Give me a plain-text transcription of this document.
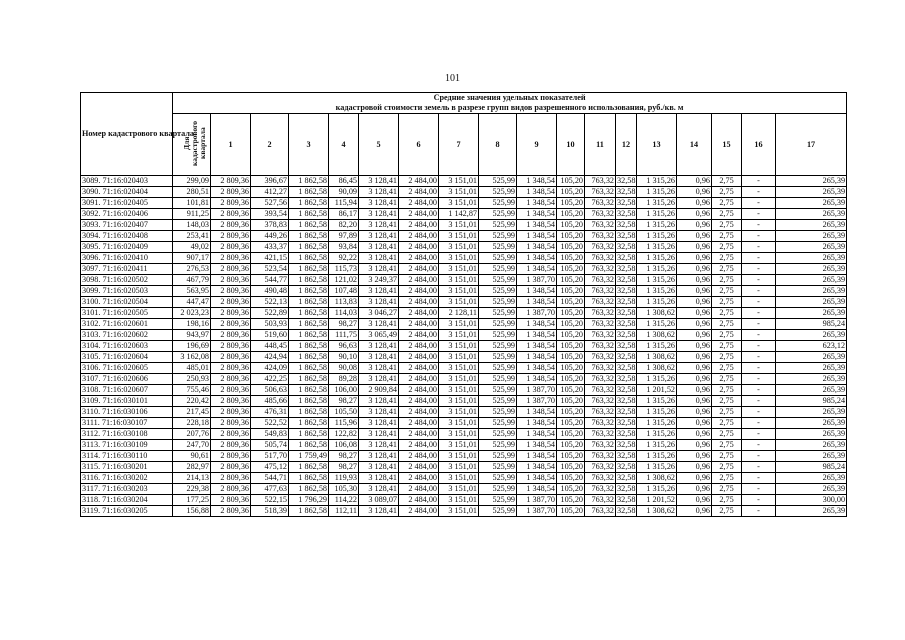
101
Номер кадастрового квартала	Средние значения удельных показателей
кадастровой стоимости земель в разрезе групп видов разрешенного использования, руб./кв. м																	

	Для кадастрового квартала	1	2	3	4	5	6	7	8	9	10	11	12	13	14	15	16	17
3089. 71:16:020403	299,09	2 809,36	396,67	1 862,58	86,45	3 128,41	2 484,00	3 151,01	525,99	1 348,54	105,20	763,32	32,58	1 315,26	0,96	2,75	-	265,39
3090. 71:16:020404	280,51	2 809,36	412,27	1 862,58	90,09	3 128,41	2 484,00	3 151,01	525,99	1 348,54	105,20	763,32	32,58	1 315,26	0,96	2,75	-	265,39
3091. 71:16:020405	101,81	2 809,36	527,56	1 862,58	115,94	3 128,41	2 484,00	3 151,01	525,99	1 348,54	105,20	763,32	32,58	1 315,26	0,96	2,75	-	265,39
3092. 71:16:020406	911,25	2 809,36	393,54	1 862,58	86,17	3 128,41	2 484,00	1 142,87	525,99	1 348,54	105,20	763,32	32,58	1 315,26	0,96	2,75	-	265,39
3093. 71:16:020407	148,03	2 809,36	378,83	1 862,58	82,20	3 128,41	2 484,00	3 151,01	525,99	1 348,54	105,20	763,32	32,58	1 315,26	0,96	2,75	-	265,39
3094. 71:16:020408	253,41	2 809,36	449,26	1 862,58	97,89	3 128,41	2 484,00	3 151,01	525,99	1 348,54	105,20	763,32	32,58	1 315,26	0,96	2,75	-	265,39
3095. 71:16:020409	49,02	2 809,36	433,37	1 862,58	93,84	3 128,41	2 484,00	3 151,01	525,99	1 348,54	105,20	763,32	32,58	1 315,26	0,96	2,75	-	265,39
3096. 71:16:020410	907,17	2 809,36	421,15	1 862,58	92,22	3 128,41	2 484,00	3 151,01	525,99	1 348,54	105,20	763,32	32,58	1 315,26	0,96	2,75	-	265,39
3097. 71:16:020411	276,53	2 809,36	523,54	1 862,58	115,73	3 128,41	2 484,00	3 151,01	525,99	1 348,54	105,20	763,32	32,58	1 315,26	0,96	2,75	-	265,39
3098. 71:16:020502	467,79	2 809,36	544,77	1 862,58	121,02	3 249,37	2 484,00	3 151,01	525,99	1 387,70	105,20	763,32	32,58	1 315,26	0,96	2,75	-	265,39
3099. 71:16:020503	563,95	2 809,36	490,48	1 862,58	107,48	3 128,41	2 484,00	3 151,01	525,99	1 348,54	105,20	763,32	32,58	1 315,26	0,96	2,75	-	265,39
3100. 71:16:020504	447,47	2 809,36	522,13	1 862,58	113,83	3 128,41	2 484,00	3 151,01	525,99	1 348,54	105,20	763,32	32,58	1 315,26	0,96	2,75	-	265,39
3101. 71:16:020505	2 023,23	2 809,36	522,89	1 862,58	114,03	3 046,27	2 484,00	2 128,11	525,99	1 387,70	105,20	763,32	32,58	1 308,62	0,96	2,75	-	265,39
3102. 71:16:020601	198,16	2 809,36	503,93	1 862,58	98,27	3 128,41	2 484,00	3 151,01	525,99	1 348,54	105,20	763,32	32,58	1 315,26	0,96	2,75	-	985,24
3103. 71:16:020602	943,97	2 809,36	519,60	1 862,58	111,75	3 065,49	2 484,00	3 151,01	525,99	1 348,54	105,20	763,32	32,58	1 308,62	0,96	2,75	-	265,39
3104. 71:16:020603	196,69	2 809,36	448,45	1 862,58	96,63	3 128,41	2 484,00	3 151,01	525,99	1 348,54	105,20	763,32	32,58	1 315,26	0,96	2,75	-	623,12
3105. 71:16:020604	3 162,08	2 809,36	424,94	1 862,58	90,10	3 128,41	2 484,00	3 151,01	525,99	1 348,54	105,20	763,32	32,58	1 308,62	0,96	2,75	-	265,39
3106. 71:16:020605	485,01	2 809,36	424,09	1 862,58	90,08	3 128,41	2 484,00	3 151,01	525,99	1 348,54	105,20	763,32	32,58	1 308,62	0,96	2,75	-	265,39
3107. 71:16:020606	250,93	2 809,36	422,25	1 862,58	89,28	3 128,41	2 484,00	3 151,01	525,99	1 348,54	105,20	763,32	32,58	1 315,26	0,96	2,75	-	265,39
3108. 71:16:020607	755,46	2 809,36	506,63	1 862,58	106,00	2 909,84	2 484,00	3 151,01	525,99	1 387,70	105,20	763,32	32,58	1 201,52	0,96	2,75	-	265,39
3109. 71:16:030101	220,42	2 809,36	485,66	1 862,58	98,27	3 128,41	2 484,00	3 151,01	525,99	1 387,70	105,20	763,32	32,58	1 315,26	0,96	2,75	-	985,24
3110. 71:16:030106	217,45	2 809,36	476,31	1 862,58	105,50	3 128,41	2 484,00	3 151,01	525,99	1 348,54	105,20	763,32	32,58	1 315,26	0,96	2,75	-	265,39
3111. 71:16:030107	228,18	2 809,36	522,52	1 862,58	115,96	3 128,41	2 484,00	3 151,01	525,99	1 348,54	105,20	763,32	32,58	1 315,26	0,96	2,75	-	265,39
3112. 71:16:030108	207,76	2 809,36	549,83	1 862,58	122,82	3 128,41	2 484,00	3 151,01	525,99	1 348,54	105,20	763,32	32,58	1 315,26	0,96	2,75	-	265,39
3113. 71:16:030109	247,70	2 809,36	505,74	1 862,58	106,08	3 128,41	2 484,00	3 151,01	525,99	1 348,54	105,20	763,32	32,58	1 315,26	0,96	2,75	-	265,39
3114. 71:16:030110	90,61	2 809,36	517,70	1 759,49	98,27	3 128,41	2 484,00	3 151,01	525,99	1 348,54	105,20	763,32	32,58	1 315,26	0,96	2,75	-	265,39
3115. 71:16:030201	282,97	2 809,36	475,12	1 862,58	98,27	3 128,41	2 484,00	3 151,01	525,99	1 348,54	105,20	763,32	32,58	1 315,26	0,96	2,75	-	985,24
3116. 71:16:030202	214,13	2 809,36	544,71	1 862,58	119,93	3 128,41	2 484,00	3 151,01	525,99	1 348,54	105,20	763,32	32,58	1 308,62	0,96	2,75	-	265,39
3117. 71:16:030203	229,38	2 809,36	477,63	1 862,58	105,30	3 128,41	2 484,00	3 151,01	525,99	1 348,54	105,20	763,32	32,58	1 315,26	0,96	2,75	-	265,39
3118. 71:16:030204	177,25	2 809,36	522,15	1 796,29	114,22	3 089,07	2 484,00	3 151,01	525,99	1 387,70	105,20	763,32	32,58	1 201,52	0,96	2,75	-	300,00
3119. 71:16:030205	156,88	2 809,36	518,39	1 862,58	112,11	3 128,41	2 484,00	3 151,01	525,99	1 387,70	105,20	763,32	32,58	1 308,62	0,96	2,75	-	265,39
